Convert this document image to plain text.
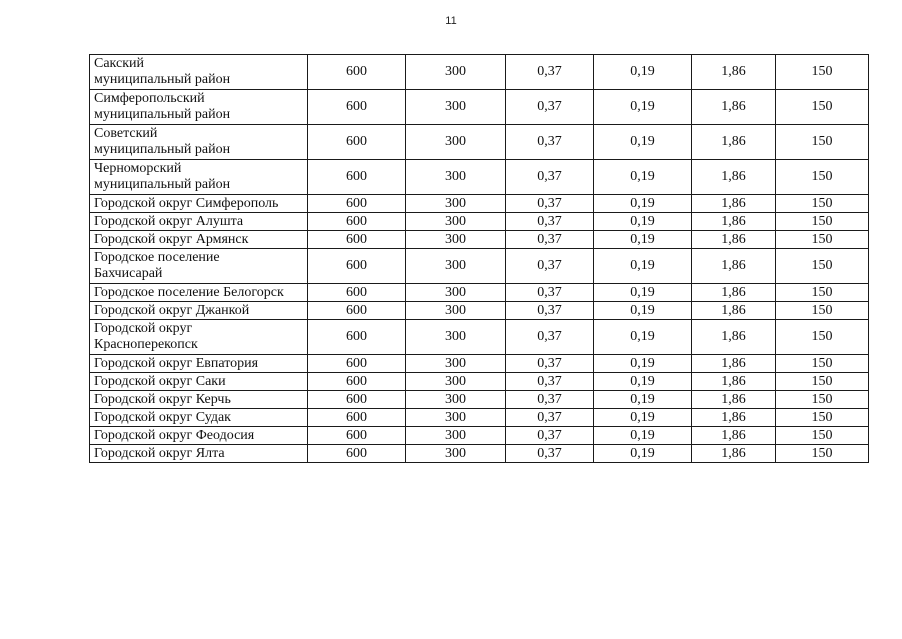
11
Сакский
муниципальный район	600	300	0,37	0,19	1,86	150

Симферопольский
муниципальный район	600	300	0,37	0,19	1,86	150

Советский
муниципальный район	600	300	0,37	0,19	1,86	150

Черноморский
муниципальный район	600	300	0,37	0,19	1,86	150

Городской округ Симферополь	600	300	0,37	0,19	1,86	150

Городской округ Алушта	600	300	0,37	0,19	1,86	150

Городской округ Армянск	600	300	0,37	0,19	1,86	150

Городское поселение
Бахчисарай	600	300	0,37	0,19	1,86	150

Городское поселение Белогорск	600	300	0,37	0,19	1,86	150

Городской округ Джанкой	600	300	0,37	0,19	1,86	150

Городской округ
Красноперекопск	600	300	0,37	0,19	1,86	150

Городской округ Евпатория	600	300	0,37	0,19	1,86	150

Городской округ Саки	600	300	0,37	0,19	1,86	150

Городской округ Керчь	600	300	0,37	0,19	1,86	150

Городской округ Судак	600	300	0,37	0,19	1,86	150

Городской округ Феодосия	600	300	0,37	0,19	1,86	150

Городской округ Ялта	600	300	0,37	0,19	1,86	150
